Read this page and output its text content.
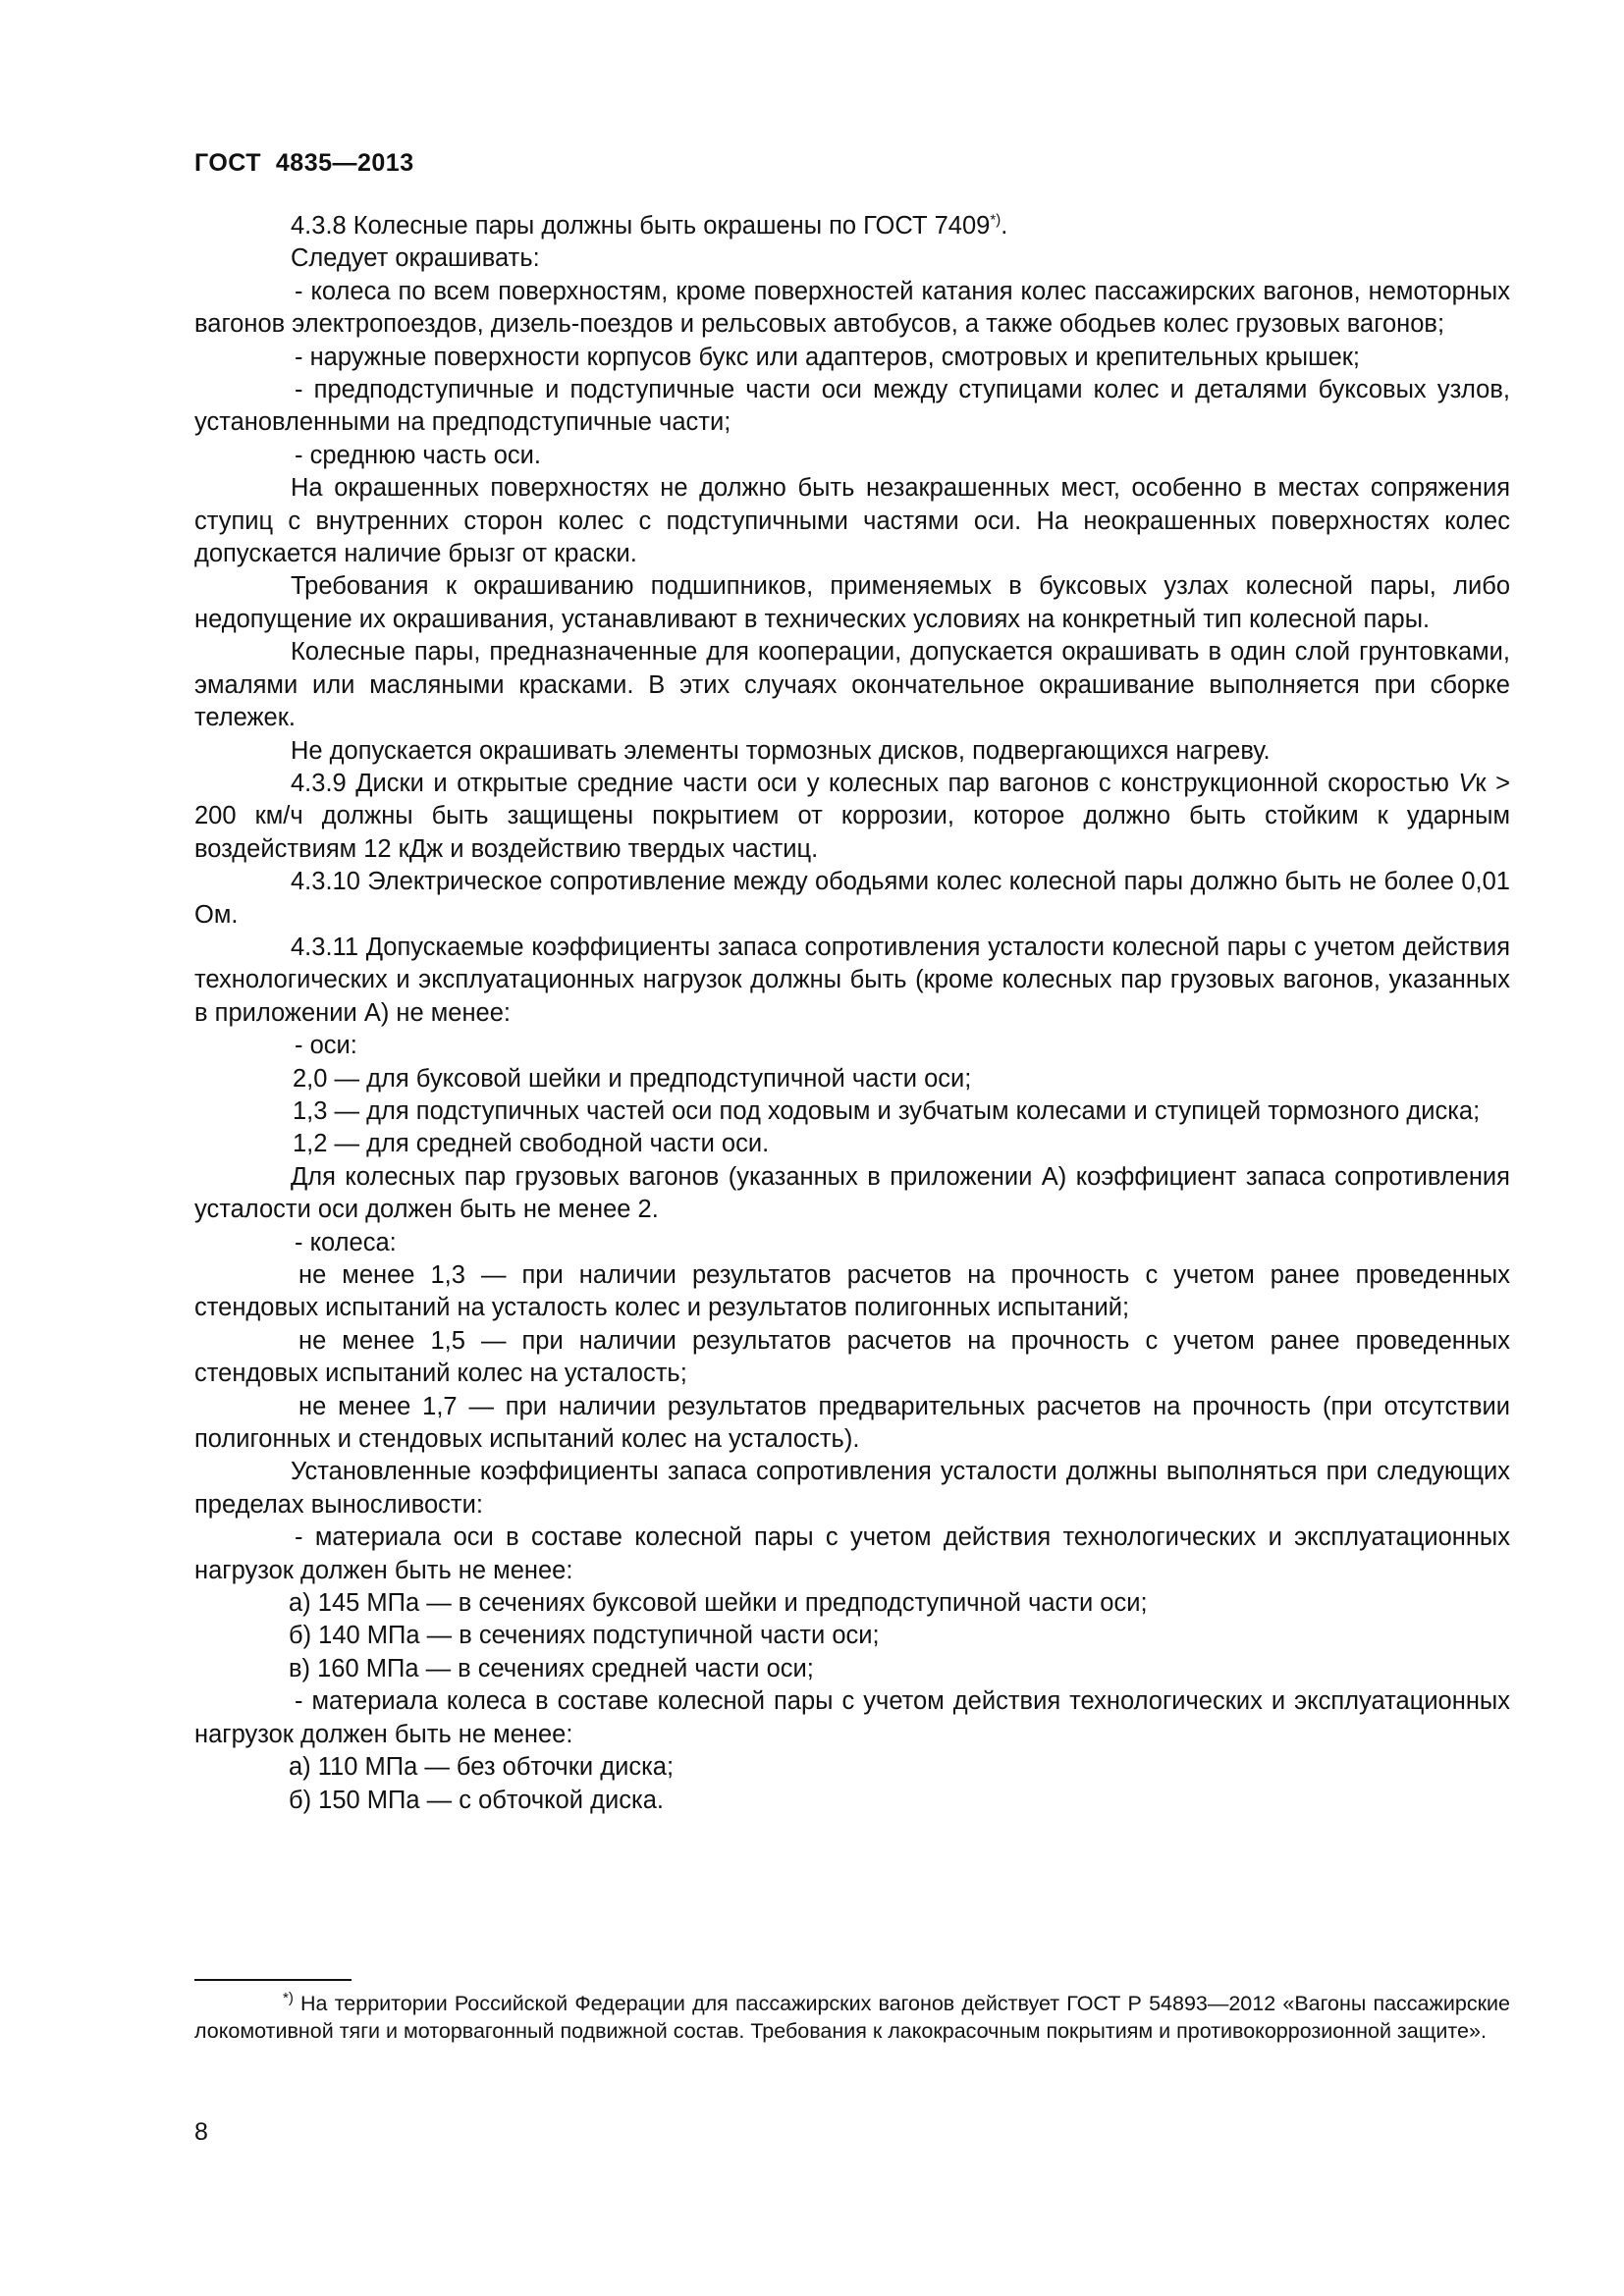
ГОСТ  4835—2013

4.3.8 Колесные пары должны быть окрашены по ГОСТ 7409*).

Следует окрашивать:

- колеса по всем поверхностям, кроме поверхностей катания колес пассажирских вагонов, немоторных вагонов электропоездов, дизель-поездов и рельсовых автобусов, а также ободьев колес грузовых вагонов;

- наружные поверхности корпусов букс или адаптеров, смотровых и крепительных крышек;

- предподступичные и подступичные части оси между ступицами колес и деталями буксовых узлов, установленными на предподступичные части;

- среднюю часть оси.

На окрашенных поверхностях не должно быть незакрашенных мест, особенно в местах сопряжения ступиц с внутренних сторон колес с подступичными частями оси. На неокрашенных поверхностях колес допускается наличие брызг от краски.

Требования к окрашиванию подшипников, применяемых в буксовых узлах колесной пары, либо недопущение их окрашивания, устанавливают в технических условиях на конкретный тип колесной пары.

Колесные пары, предназначенные для кооперации, допускается окрашивать в один слой грунтовками, эмалями или масляными красками. В этих случаях окончательное окрашивание выполняется при сборке тележек.

Не допускается окрашивать элементы тормозных дисков, подвергающихся нагреву.

4.3.9 Диски и открытые средние части оси у колесных пар вагонов с конструкционной скоростью Vк > 200 км/ч должны быть защищены покрытием от коррозии, которое должно быть стойким к ударным воздействиям 12 кДж и воздействию твердых частиц.

4.3.10 Электрическое сопротивление между ободьями колес колесной пары должно быть не более 0,01 Ом.

4.3.11 Допускаемые коэффициенты запаса сопротивления усталости колесной пары с учетом действия технологических и эксплуатационных нагрузок должны быть (кроме колесных пар грузовых вагонов, указанных в приложении А) не менее:

- оси:

2,0 — для буксовой шейки и предподступичной части оси;

1,3 — для подступичных частей оси под ходовым и зубчатым колесами и ступицей тормозного диска;

1,2 — для средней свободной части оси.

Для колесных пар грузовых вагонов (указанных в приложении А) коэффициент запаса сопротивления усталости оси должен быть не менее 2.

- колеса:

не менее 1,3 — при наличии результатов расчетов на прочность с учетом ранее проведенных стендовых испытаний на усталость колес и результатов полигонных испытаний;

не менее 1,5 — при наличии результатов расчетов на прочность с учетом ранее проведенных стендовых испытаний колес на усталость;

не менее 1,7 — при наличии результатов предварительных расчетов на прочность (при отсутствии полигонных и стендовых испытаний колес на усталость).

Установленные коэффициенты запаса сопротивления усталости должны выполняться при следующих пределах выносливости:

- материала оси в составе колесной пары с учетом действия технологических и эксплуатационных нагрузок должен быть не менее:

а) 145 МПа — в сечениях буксовой шейки и предподступичной части оси;

б) 140 МПа — в сечениях подступичной части оси;

в) 160 МПа — в сечениях средней части оси;

- материала колеса в составе колесной пары с учетом действия технологических и эксплуатационных нагрузок должен быть не менее:

а) 110 МПа — без обточки диска;

б) 150 МПа — с обточкой диска.

*) На территории Российской Федерации для пассажирских вагонов действует ГОСТ Р 54893—2012 «Вагоны пассажирские локомотивной тяги и моторвагонный подвижной состав. Требования к лакокрасочным покрытиям и противокоррозионной защите».
8
